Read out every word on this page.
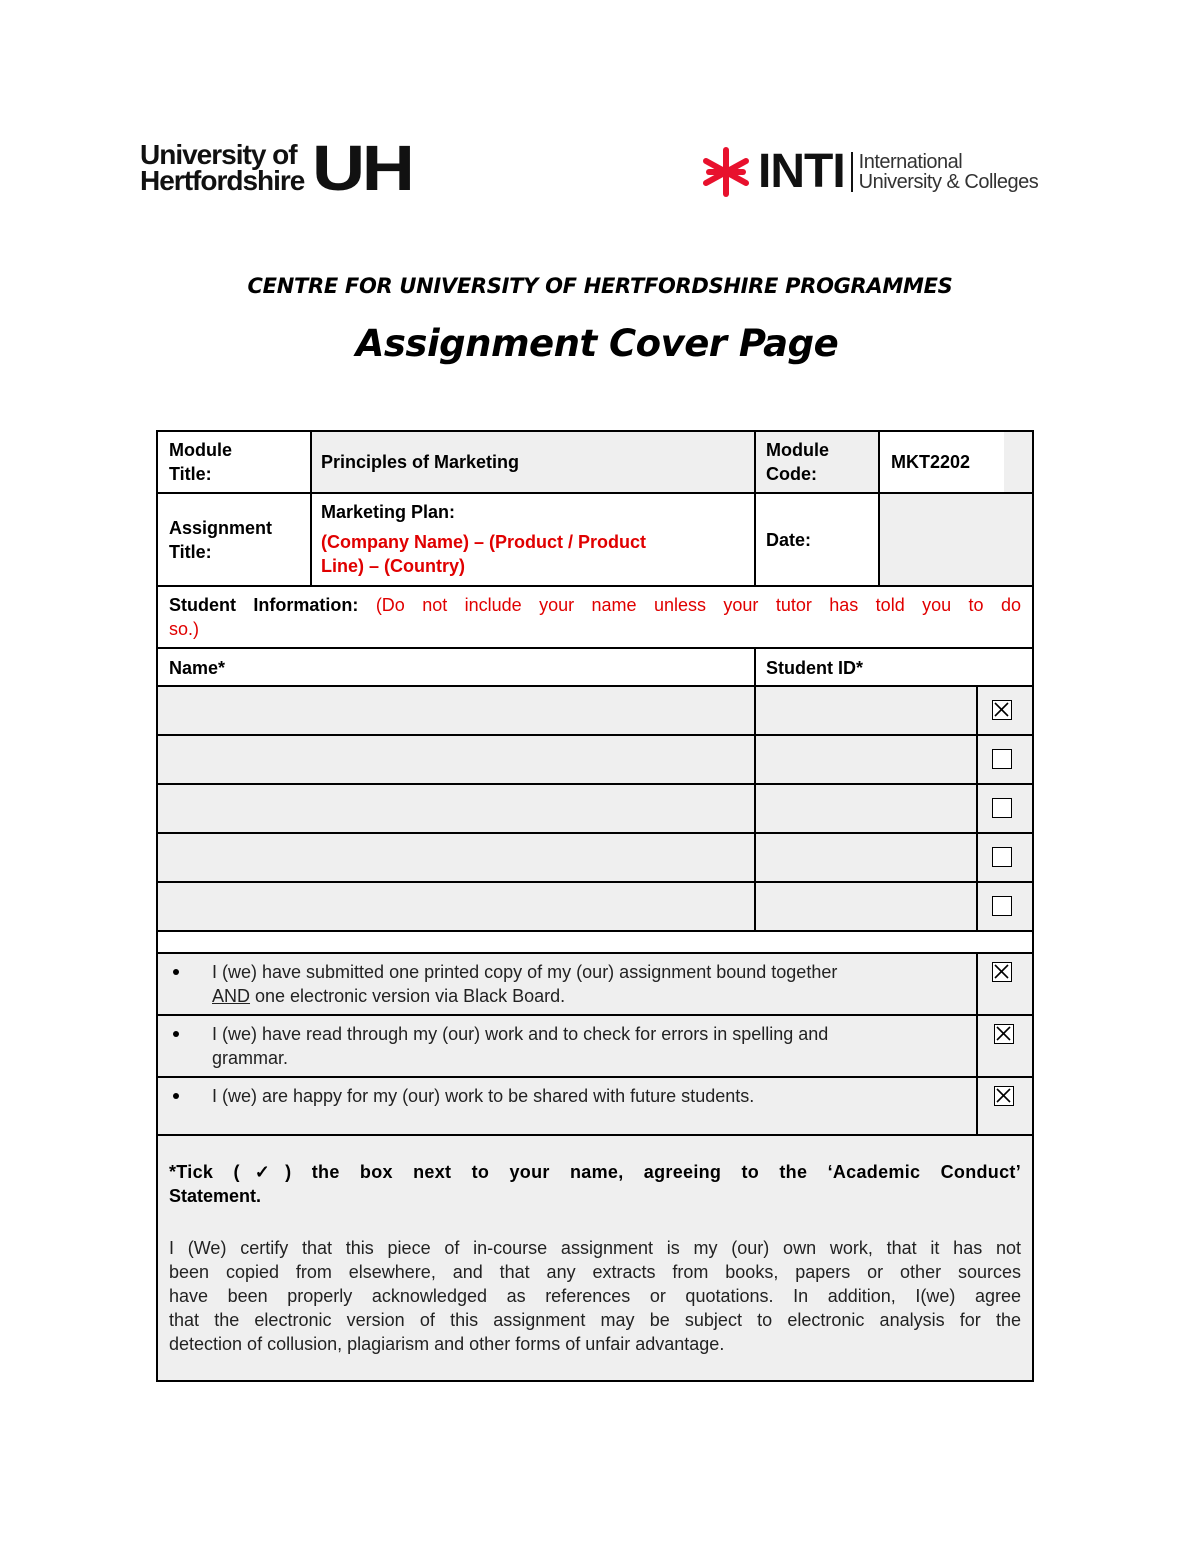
University of
Hertfordshire UH	INTI International
University & Colleges
CENTRE FOR UNIVERSITY OF HERTFORDSHIRE PROGRAMMES
Assignment Cover Page
Module
Title:
Principles of Marketing
Module
Code:
MKT2202
Assignment
Title:
Marketing Plan:
(Company Name) – (Product / Product
Line) – (Country)
Date:
Student Information: (Do not include your name unless your tutor has told you to do
so.)
Name*	Student ID*
I (we) have submitted one printed copy of my (our) assignment bound together
AND one electronic version via Black Board.
I (we) have read through my (our) work and to check for errors in spelling and
grammar.
I (we) are happy for my (our) work to be shared with future students.
*Tick (✓) the box next to your name, agreeing to the ‘Academic Conduct’
Statement.
I (We) certify that this piece of in-course assignment is my (our) own work, that it has not
been copied from elsewhere, and that any extracts from books, papers or other sources
have been properly acknowledged as references or quotations. In addition, I(we) agree
that the electronic version of this assignment may be subject to electronic analysis for the
detection of collusion, plagiarism and other forms of unfair advantage.
